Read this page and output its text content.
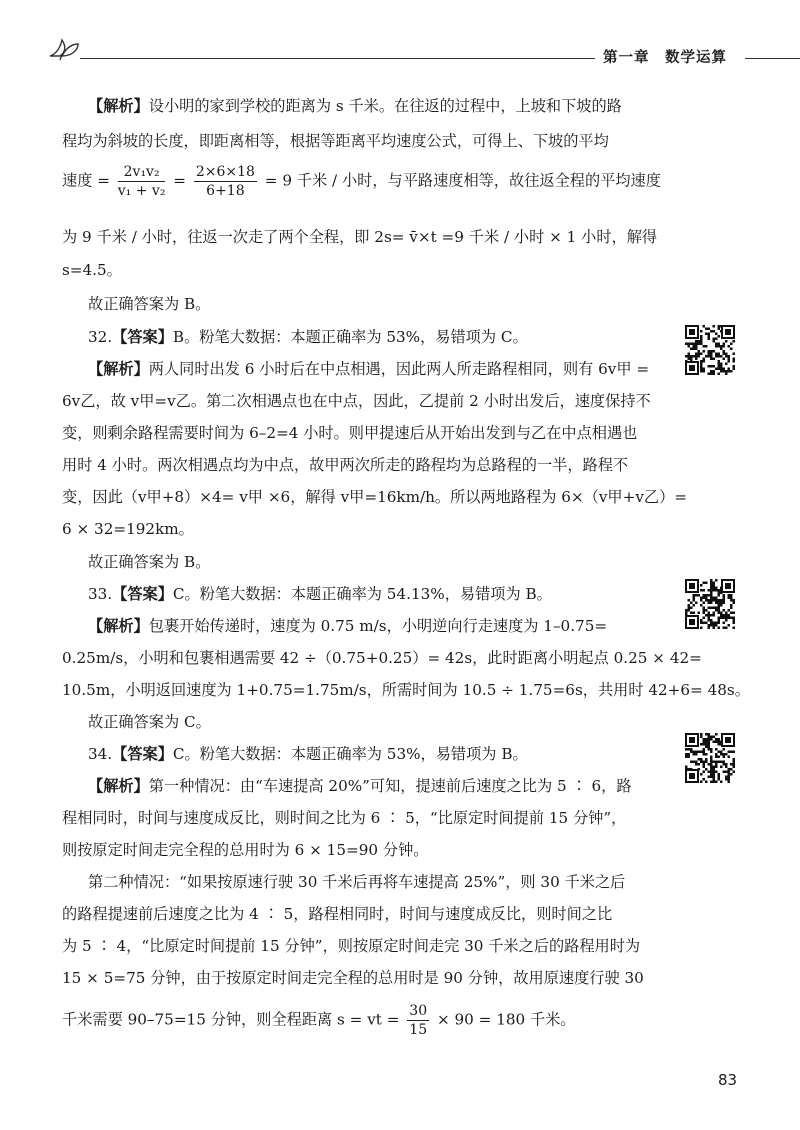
第一章　数学运算
【解析】设小明的家到学校的距离为 s 千米。在往返的过程中，上坡和下坡的路
程均为斜坡的长度，即距离相等，根据等距离平均速度公式，可得上、下坡的平均
速度 = $\frac{\text{2v₁v₂}}{\text{v₁ + v₂}} = \frac{2\times 6\times 18}{6+18} = 9$ 千米 / 小时，与平路速度相等，故往返全程的平均速度
为 9 千米 / 小时，往返一次走了两个全程，即 2s= v̄×t =9 千米 / 小时 × 1 小时，解得
s=4.5。
故正确答案为 B。
32.【答案】B。粉笔大数据：本题正确率为 53%，易错项为 C。
【解析】两人同时出发 6 小时后在中点相遇，因此两人所走路程相同，则有 6v甲 =
6v乙，故 v甲=v乙。第二次相遇点也在中点，因此，乙提前 2 小时出发后，速度保持不
变，则剩余路程需要时间为 6–2=4 小时。则甲提速后从开始出发到与乙在中点相遇也
用时 4 小时。两次相遇点均为中点，故甲两次所走的路程均为总路程的一半，路程不
变，因此（v甲+8）×4= v甲 ×6，解得 v甲=16km/h。所以两地路程为 6×（v甲+v乙）=
6 × 32=192km。
故正确答案为 B。
33.【答案】C。粉笔大数据：本题正确率为 54.13%，易错项为 B。
【解析】包裹开始传递时，速度为 0.75 m/s，小明逆向行走速度为 1–0.75=
0.25m/s，小明和包裹相遇需要 42 ÷（0.75+0.25）= 42s，此时距离小明起点 0.25 × 42=
10.5m，小明返回速度为 1+0.75=1.75m/s，所需时间为 10.5 ÷ 1.75=6s，共用时 42+6= 48s。
故正确答案为 C。
34.【答案】C。粉笔大数据：本题正确率为 53%，易错项为 B。
【解析】第一种情况：由“车速提高 20%”可知，提速前后速度之比为 5 ∶ 6，路
程相同时，时间与速度成反比，则时间之比为 6 ∶ 5，“比原定时间提前 15 分钟”，
则按原定时间走完全程的总用时为 6 × 15=90 分钟。
第二种情况：“如果按原速行驶 30 千米后再将车速提高 25%”，则 30 千米之后
的路程提速前后速度之比为 4 ∶ 5，路程相同时，时间与速度成反比，则时间之比
为 5 ∶ 4，“比原定时间提前 15 分钟”，则按原定时间走完 30 千米之后的路程用时为
15 × 5=75 分钟，由于按原定时间走完全程的总用时是 90 分钟，故用原速度行驶 30
千米需要 90–75=15 分钟，则全程距离 s = vt = $\frac{30}{15} \times 90 = 180$ 千米。
83
